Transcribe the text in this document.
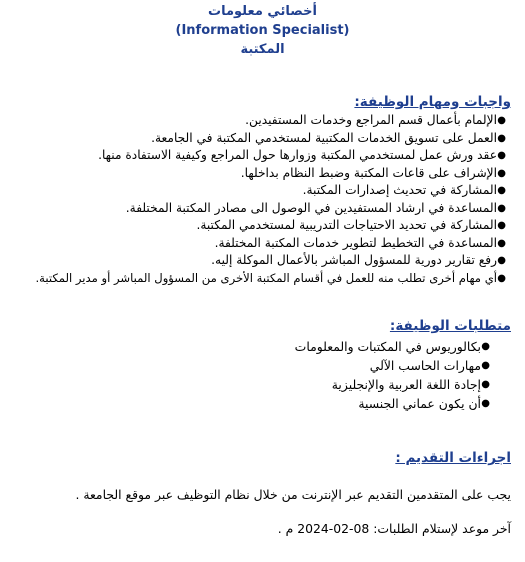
أخصائي معلومات
(Information Specialist)
المكتبة
واجبات ومهام الوظيفة:
●
الإلمام بأعمال قسم المراجع وخدمات المستفيدين.
●
العمل على تسويق الخدمات المكتبية لمستخدمي المكتبة في الجامعة.
●
عقد ورش عمل لمستخدمي المكتبة وزوارها حول المراجع وكيفية الاستفادة منها.
●
الإشراف على قاعات المكتبة وضبط النظام بداخلها.
●
المشاركة في تحديث إصدارات المكتبة.
●
المساعدة في ارشاد المستفيدين في الوصول الى مصادر المكتبة المختلفة.
●
المشاركة في تحديد الاحتياجات التدريبية لمستخدمي المكتبة.
●
المساعدة في التخطيط لتطوير خدمات المكتبة المختلفة.
●
رفع تقارير دورية للمسؤول المباشر بالأعمال الموكلة إليه.
●
أي مهام أخرى تطلب منه للعمل في أقسام المكتبة الأخرى من المسؤول المباشر أو مدير المكتبة.
متطلبات الوظيفة:
●
بكالوريوس في المكتبات والمعلومات
●
مهارات الحاسب الآلي
●
إجادة اللغة العربية والإنجليزية
●
أن يكون عماني الجنسية
اجراءات التقديم :
يجب على المتقدمين التقديم عبر الإنترنت من خلال نظام التوظيف عبر موقع الجامعة .
آخر موعد لإستلام الطلبات: 08-02-2024 م .
